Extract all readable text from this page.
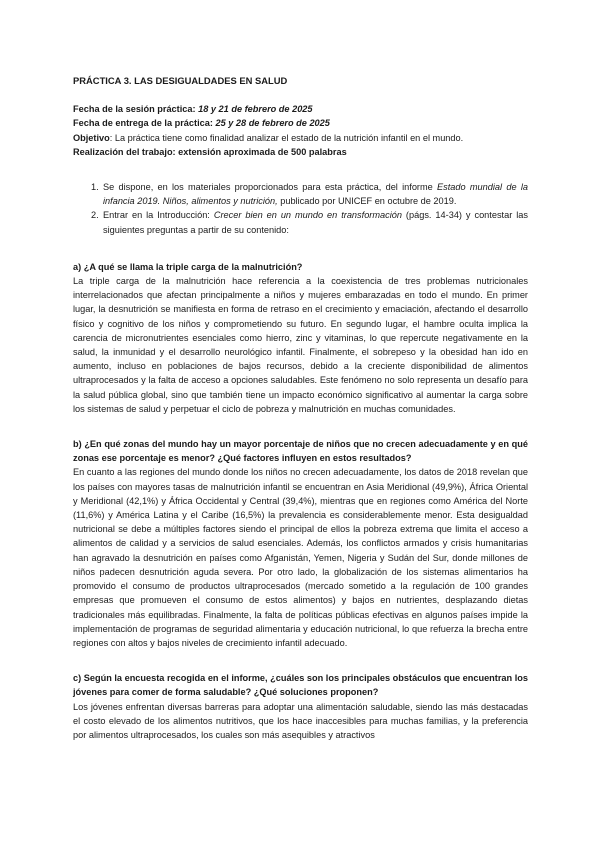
PRÁCTICA 3. LAS DESIGUALDADES EN SALUD

Fecha de la sesión práctica: 18 y 21 de febrero de 2025

Fecha de entrega de la práctica: 25 y 28 de febrero de 2025

Objetivo: La práctica tiene como finalidad analizar el estado de la nutrición infantil en el mundo.

Realización del trabajo: extensión aproximada de 500 palabras

1. Se dispone, en los materiales proporcionados para esta práctica, del informe Estado mundial de la infancia 2019. Niños, alimentos y nutrición, publicado por UNICEF en octubre de 2019.
2. Entrar en la Introducción: Crecer bien en un mundo en transformación (págs. 14-34) y contestar las siguientes preguntas a partir de su contenido:

a) ¿A qué se llama la triple carga de la malnutrición?

La triple carga de la malnutrición hace referencia a la coexistencia de tres problemas nutricionales interrelacionados que afectan principalmente a niños y mujeres embarazadas en todo el mundo. En primer lugar, la desnutrición se manifiesta en forma de retraso en el crecimiento y emaciación, afectando el desarrollo físico y cognitivo de los niños y comprometiendo su futuro. En segundo lugar, el hambre oculta implica la carencia de micronutrientes esenciales como hierro, zinc y vitaminas, lo que repercute negativamente en la salud, la inmunidad y el desarrollo neurológico infantil. Finalmente, el sobrepeso y la obesidad han ido en aumento, incluso en poblaciones de bajos recursos, debido a la creciente disponibilidad de alimentos ultraprocesados y la falta de acceso a opciones saludables. Este fenómeno no solo representa un desafío para la salud pública global, sino que también tiene un impacto económico significativo al aumentar la carga sobre los sistemas de salud y perpetuar el ciclo de pobreza y malnutrición en muchas comunidades.

b) ¿En qué zonas del mundo hay un mayor porcentaje de niños que no crecen adecuadamente y en qué zonas ese porcentaje es menor? ¿Qué factores influyen en estos resultados?

En cuanto a las regiones del mundo donde los niños no crecen adecuadamente, los datos de 2018 revelan que los países con mayores tasas de malnutrición infantil se encuentran en Asia Meridional (49,9%), África Oriental y Meridional (42,1%) y África Occidental y Central (39,4%), mientras que en regiones como América del Norte (11,6%) y América Latina y el Caribe (16,5%) la prevalencia es considerablemente menor. Esta desigualdad nutricional se debe a múltiples factores siendo el principal de ellos la pobreza extrema que limita el acceso a alimentos de calidad y a servicios de salud esenciales. Además, los conflictos armados y crisis humanitarias han agravado la desnutrición en países como Afganistán, Yemen, Nigeria y Sudán del Sur, donde millones de niños padecen desnutrición aguda severa. Por otro lado, la globalización de los sistemas alimentarios ha promovido el consumo de productos ultraprocesados (mercado sometido a la regulación de 100 grandes empresas que promueven el consumo de estos alimentos) y bajos en nutrientes, desplazando dietas tradicionales más equilibradas. Finalmente, la falta de políticas públicas efectivas en algunos países impide la implementación de programas de seguridad alimentaria y educación nutricional, lo que refuerza la brecha entre regiones con altos y bajos niveles de crecimiento infantil adecuado.

c) Según la encuesta recogida en el informe, ¿cuáles son los principales obstáculos que encuentran los jóvenes para comer de forma saludable? ¿Qué soluciones proponen?

Los jóvenes enfrentan diversas barreras para adoptar una alimentación saludable, siendo las más destacadas el costo elevado de los alimentos nutritivos, que los hace inaccesibles para muchas familias, y la preferencia por alimentos ultraprocesados, los cuales son más asequibles y atractivos
